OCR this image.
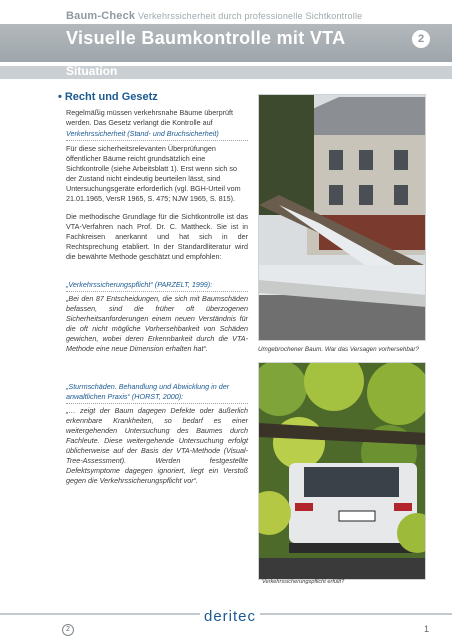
Baum-Check Verkehrssicherheit durch professionelle Sichtkontrolle
Visuelle Baumkontrolle mit VTA	2
Situation
• Recht und Gesetz
Regelmäßig müssen verkehrsnahe Bäume überprüft werden. Das Gesetz verlangt die Kontrolle auf
Verkehrssicherheit (Stand- und Bruchsicherheit)
Für diese sicherheitsrelevanten Überprüfungen öffentlicher Bäume reicht grundsätzlich eine Sichtkontrolle (siehe Arbeitsblatt 1). Erst wenn sich so der Zustand nicht eindeutig beurteilen lässt, sind Untersuchungsgeräte erforderlich (vgl. BGH-Urteil vom 21.01.1965, VersR 1965, S. 475; NJW 1965, S. 815).
Die methodische Grundlage für die Sichtkontrolle ist das VTA-Verfahren nach Prof. Dr. C. Mattheck. Sie ist in Fachkreisen anerkannt und hat sich in der Rechtsprechung etabliert. In der Standardliteratur wird die bewährte Methode geschätzt und empfohlen:
„Verkehrssicherungspflicht“ (PARZELT, 1999):
„Bei den 87 Entscheidungen, die sich mit Baumschäden befassen, sind die früher oft überzogenen Sicherheitsanforderungen einem neuen Verständnis für die oft nicht mögliche Vorhersehbarkeit von Schäden gewichen, wobei deren Erkennbarkeit durch die VTA-Methode eine neue Dimension erhalten hat“.
„Sturmschäden. Behandlung und Abwicklung in der anwaltlichen Praxis“ (HORST, 2000):
„… zeigt der Baum dagegen Defekte oder äußerlich erkennbare Krankheiten, so bedarf es einer weitergehenden Untersuchung des Baumes durch Fachleute. Diese weitergehende Untersuchung erfolgt üblicherweise auf der Basis der VTA-Methode (Visual-Tree-Assessment). Werden festgestellte Defektsymptome dagegen ignoriert, liegt ein Verstoß gegen die Verkehrssicherungspflicht vor“.
Umgebrochener Baum. War das Versagen vorhersehbar?
Baumunfall: Hat der Besitzer des Baumes seine Verkehrssicherungspflicht erfüllt?
deritec
2	1
